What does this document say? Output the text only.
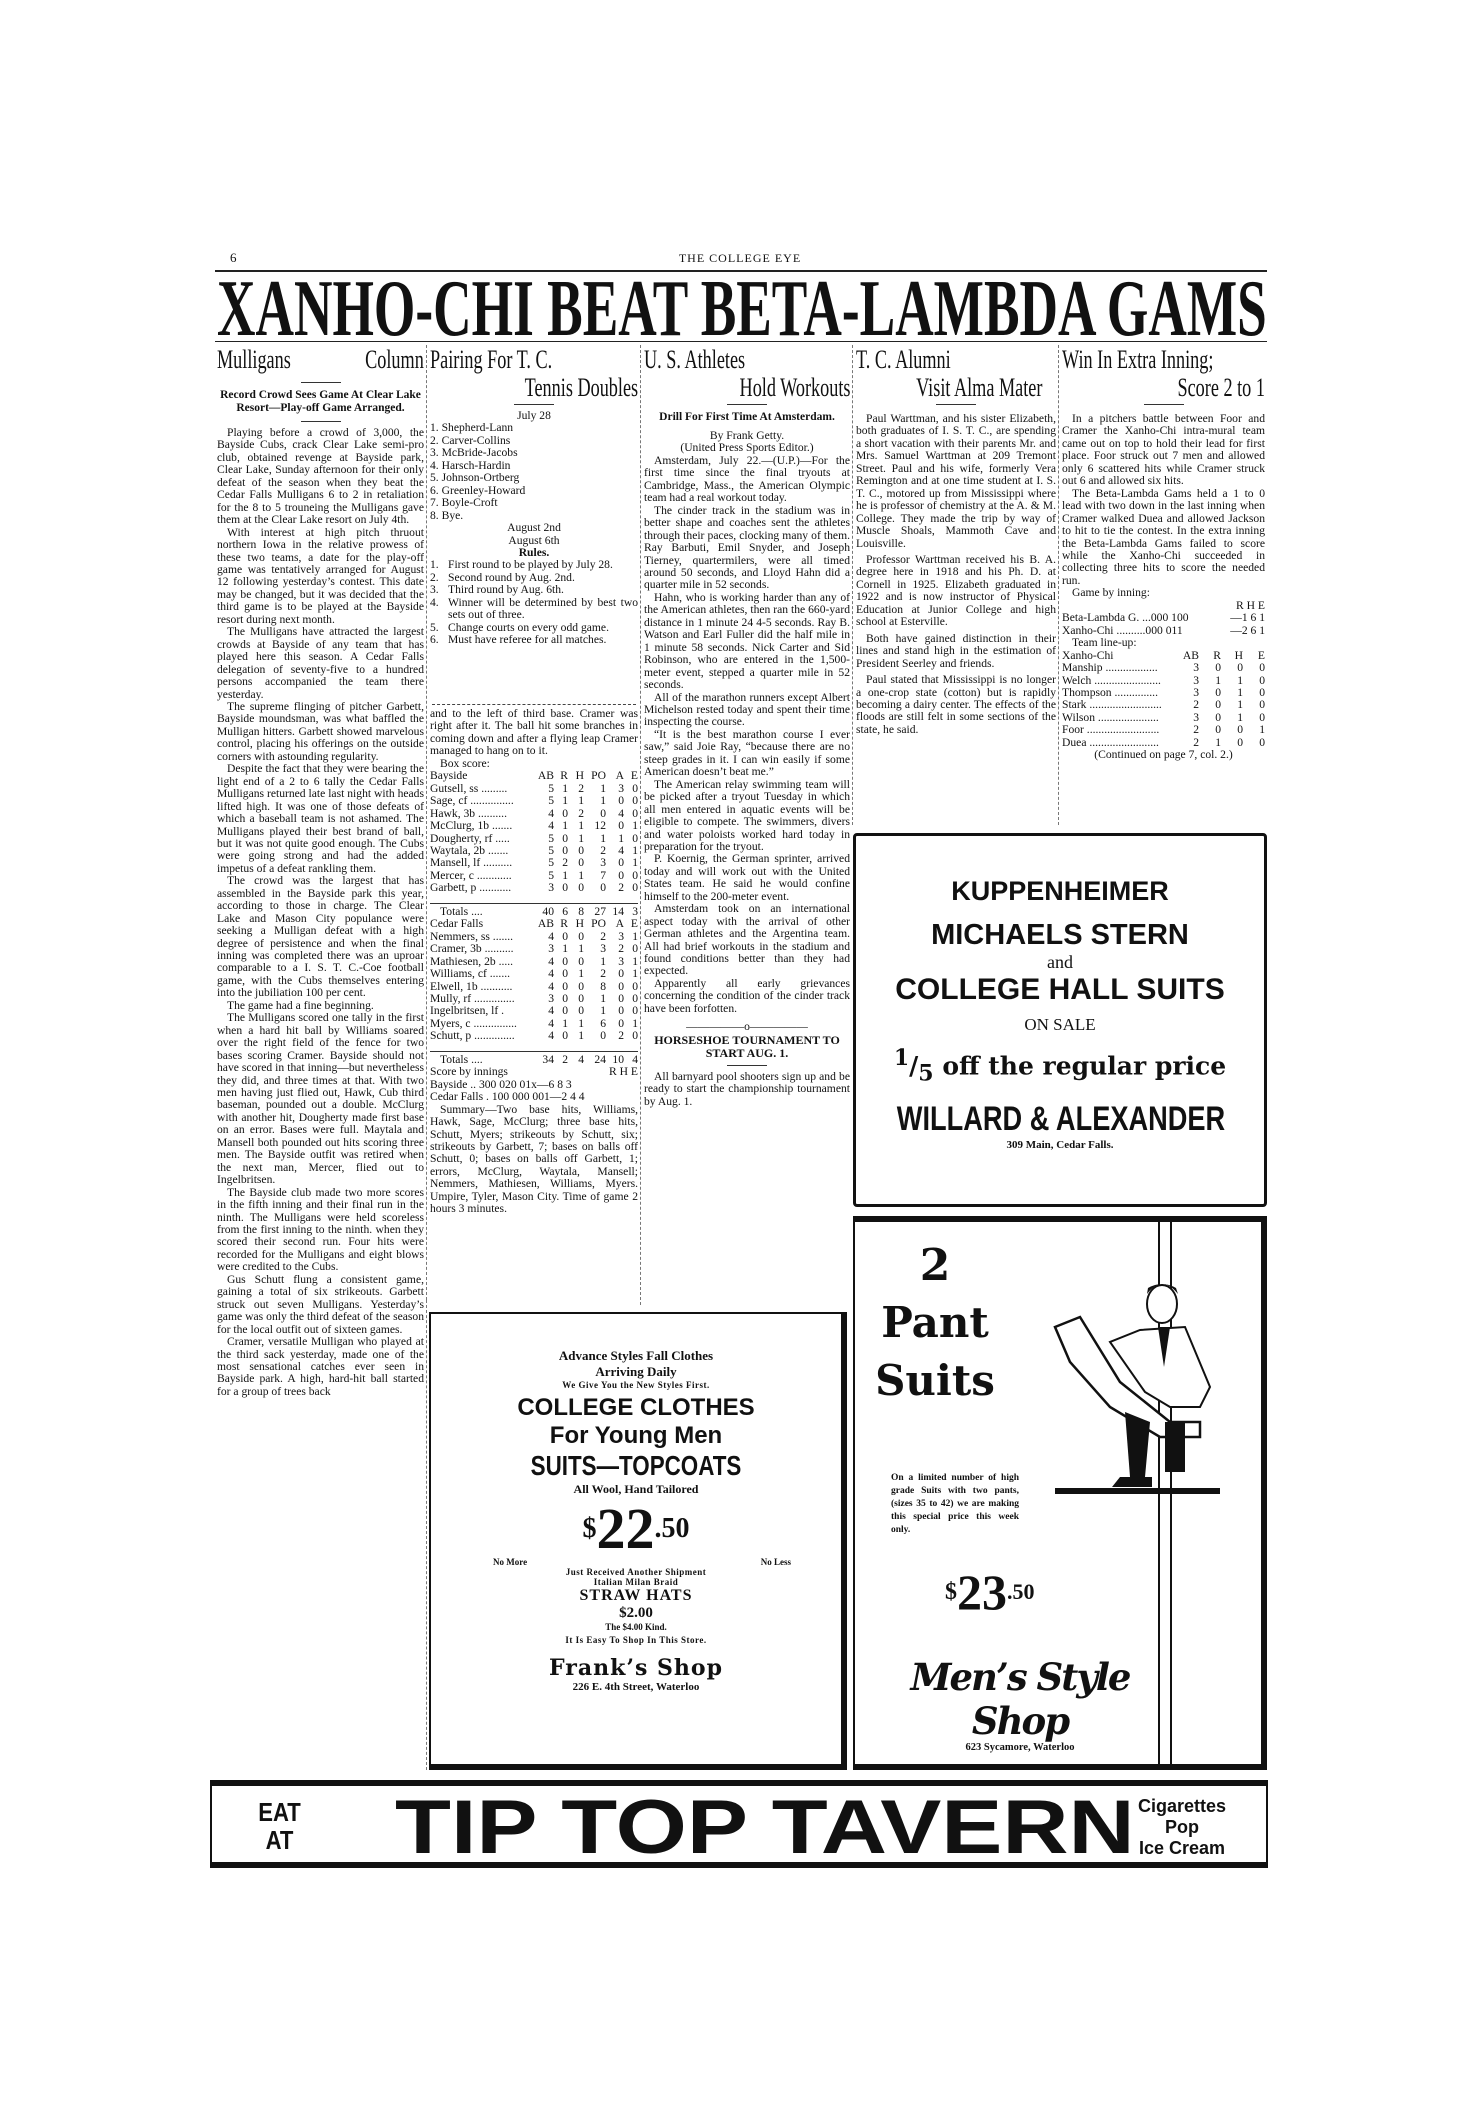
6	THE COLLEGE EYE
XANHO-CHI BEAT BETA-LAMBDA GAMS
Mulligans	Column
Record Crowd Sees Game At Clear Lake Resort—Play-off Game Arranged.

Playing before a crowd of 3,000, the Bayside Cubs, crack Clear Lake semi-pro club, obtained revenge at Bayside park, Clear Lake, Sunday afternoon for their only defeat of the season when they beat the Cedar Falls Mulligans 6 to 2 in retaliation for the 8 to 5 trouneing the Mulligans gave them at the Clear Lake resort on July 4th.

With interest at high pitch thruout northern Iowa in the relative prowess of these two teams, a date for the play-off game was tentatively arranged for August 12 following yesterday’s contest. This date may be changed, but it was decided that the third game is to be played at the Bayside resort during next month.

The Mulligans have attracted the largest crowds at Bayside of any team that has played here this season. A Cedar Falls delegation of seventy-five to a hundred persons accompanied the team there yesterday.

The supreme flinging of pitcher Garbett, Bayside moundsman, was what baffled the Mulligan hitters. Garbett showed marvelous control, placing his offerings on the outside corners with astounding regularity.

Despite the fact that they were bearing the light end of a 2 to 6 tally the Cedar Falls Mulligans returned late last night with heads lifted high. It was one of those defeats of which a baseball team is not ashamed. The Mulligans played their best brand of ball, but it was not quite good enough. The Cubs were going strong and had the added impetus of a defeat rankling them.

The crowd was the largest that has assembled in the Bayside park this year, according to those in charge. The Clear Lake and Mason City populance were seeking a Mulligan defeat with a high degree of persistence and when the final inning was completed there was an uproar comparable to a I. S. T. C.-Coe football game, with the Cubs themselves entering into the jubiliation 100 per cent.

The game had a fine beginning.

The Mulligans scored one tally in the first when a hard hit ball by Williams soared over the right field of the fence for two bases scoring Cramer. Bayside should not have scored in that inning—but nevertheless they did, and three times at that. With two men having just flied out, Hawk, Cub third baseman, pounded out a double. McClurg with another hit, Dougherty made first base on an error. Bases were full. Maytala and Mansell both pounded out hits scoring three men. The Bayside outfit was retired when the next man, Mercer, flied out to Ingelbritsen.

The Bayside club made two more scores in the fifth inning and their final run in the ninth. The Mulligans were held scoreless from the first inning to the ninth. when they scored their second run. Four hits were recorded for the Mulligans and eight blows were credited to the Cubs.

Gus Schutt flung a consistent game, gaining a total of six strikeouts. Garbett struck out seven Mulligans. Yesterday’s game was only the third defeat of the season for the local outfit out of sixteen games.

Cramer, versatile Mulligan who played at the third sack yesterday, made one of the most sensational catches ever seen in Bayside park. A high, hard-hit ball started for a group of trees back

Pairing For T. C.
Tennis Doubles
July 28
1. Shepherd-Lann
2. Carver-Collins
3. McBride-Jacobs
4. Harsch-Hardin
5. Johnson-Ortberg
6. Greenley-Howard
7. Boyle-Croft
8. Bye.
August 2nd
August 6th
Rules.
1. First round to be played by July 28.
2. Second round by Aug. 2nd.
3. Third round by Aug. 6th.
4. Winner will be determined by best two sets out of three.
5. Change courts on every odd game.
6. Must have referee for all matches.

and to the left of third base. Cramer was right after it. The ball hit some branches in coming down and after a flying leap Cramer managed to hang on to it.

Box score:

Bayside	AB R H PO A E
Gutsell, ss .........	5 1 2	1	3 0
Sage, cf ...............	5 1 1	1	0 0
Hawk, 3b ..........	4 0 2	0	4 0
McClurg, 1b .......	4 1 1 12	0 1
Dougherty, rf .....	5 0 1	1	1 0
Waytala, 2b .......	5 0 0	2	4 1
Mansell, lf ..........	5 2 0	3	0 1
Mercer, c ............	5 1 1	7	0 0
Garbett, p ...........	3 0 0	0	2 0
Totals ....	40 6 8 27 14 3
Cedar Falls	AB R H PO A E
Nemmers, ss .......	4 0 0	2	3 1
Cramer, 3b ..........	3 1 1	3	2 0
Mathiesen, 2b .....	4 0 0	1	3 1
Williams, cf .......	4 0 1	2	0 1
Elwell, 1b ...........	4 0 0	8	0 0
Mully, rf ..............	3 0 0	1	0 0
Ingelbritsen, lf .	4 0 0	1	0 0
Myers, c ...............	4 1 1	6	0 1
Schutt, p ..............	4 0 1	0	2 0
Totals ....	34 2 4 24 10 4
Score by innings	R H E
Bayside .. 300 020 01x—6 8 3
Cedar Falls . 100 000 001—2 4 4

Summary—Two base hits, Williams, Hawk, Sage, McClurg; three base hits, Schutt, Myers; strikeouts by Schutt, six; strikeouts by Garbett, 7; bases on balls off Schutt, 0; bases on balls off Garbett, 1; errors, McClurg, Waytala, Mansell; Nemmers, Mathiesen, Williams, Myers. Umpire, Tyler, Mason City. Time of game 2 hours 3 minutes.

U. S. Athletes
Hold Workouts
Drill For First Time At Amsterdam.
By Frank Getty.
(United Press Sports Editor.)

Amsterdam, July 22.—(U.P.)—For the first time since the final tryouts at Cambridge, Mass., the American Olympic team had a real workout today.

The cinder track in the stadium was in better shape and coaches sent the athletes through their paces, clocking many of them. Ray Barbuti, Emil Snyder, and Joseph Tierney, quartermilers, were all timed around 50 seconds, and Lloyd Hahn did a quarter mile in 52 seconds.

Hahn, who is working harder than any of the American athletes, then ran the 660-yard distance in 1 minute 24 4-5 seconds. Ray B. Watson and Earl Fuller did the half mile in 1 minute 58 seconds. Nick Carter and Sid Robinson, who are entered in the 1,500-meter event, stepped a quarter mile in 52 seconds.

All of the marathon runners except Albert Michelson rested today and spent their time inspecting the course.

“It is the best marathon course I ever saw,” said Joie Ray, “because there are no steep grades in it. I can win easily if some American doesn’t beat me.”

The American relay swimming team will be picked after a tryout Tuesday in which all men entered in aquatic events will be eligible to compete. The swimmers, divers and water poloists worked hard today in preparation for the tryout.

P. Koernig, the German sprinter, arrived today and will work out with the United States team. He said he would confine himself to the 200-meter event.

Amsterdam took on an international aspect today with the arrival of other German athletes and the Argentina team. All had brief workouts in the stadium and found conditions better than they had expected.

Apparently all early grievances concerning the condition of the cinder track have been forfotten.

—————o—————
HORSESHOE TOURNAMENT TO START AUG. 1.

All barnyard pool shooters sign up and be ready to start the championship tournament by Aug. 1.

T. C. Alumni
Visit Alma Mater

Paul Warttman, and his sister Elizabeth, both graduates of I. S. T. C., are spending a short vacation with their parents Mr. and Mrs. Samuel Warttman at 209 Tremont Street. Paul and his wife, formerly Vera Remington and at one time student at I. S. T. C., motored up from Mississippi where he is professor of chemistry at the A. & M. College. They made the trip by way of Muscle Shoals, Mammoth Cave and Louisville.

Professor Warttman received his B. A. degree here in 1918 and his Ph. D. at Cornell in 1925. Elizabeth graduated in 1922 and is now instructor of Physical Education at Junior College and high school at Esterville.

Both have gained distinction in their lines and stand high in the estimation of President Seerley and friends.

Paul stated that Mississippi is no longer a one-crop state (cotton) but is rapidly becoming a dairy center. The effects of the floods are still felt in some sections of the state, he said.

Win In Extra Inning;
Score 2 to 1

In a pitchers battle between Foor and Cramer the Xanho-Chi intra-mural team came out on top to hold their lead for first place. Foor struck out 7 men and allowed only 6 scattered hits while Cramer struck out 6 and allowed six hits.

The Beta-Lambda Gams held a 1 to 0 lead with two down in the last inning when Cramer walked Duea and allowed Jackson to hit to tie the contest. In the extra inning the Beta-Lambda Gams failed to score while the Xanho-Chi succeeded in collecting three hits to score the needed run.

Game by inning:

R H E
Beta-Lambda G. ...000 100	—1 6 1
Xanho-Chi ..........000 011	—2 6 1

Team line-up:

Xanho-Chi	AB	R	H	E
Manship ..................	3	0	0	0
Welch .......................	3	1	1	0
Thompson ...............	3	0	1	0
Stark .........................	2	0	1	0
Wilson .....................	3	0	1	0
Foor .........................	2	0	0	1
Duea ........................	2	1	0	0
(Continued on page 7, col. 2.)
KUPPENHEIMER
MICHAELS STERN
and
COLLEGE HALL SUITS
ON SALE
$^1/_5$ off the regular price
WILLARD & ALEXANDER
309 Main, Cedar Falls.
Advance Styles Fall Clothes
Arriving Daily
We Give You the New Styles First.
COLLEGE CLOTHES
For Young Men
SUITS—TOPCOATS
All Wool, Hand Tailored
$^{\$}22^{.50}$
No More	No Less
Just Received Another Shipment
Italian Milan Braid
STRAW HATS
$2.00
The $4.00 Kind.
It Is Easy To Shop In This Store.
Frank’s Shop
226 E. 4th Street, Waterloo
2
Pant
Suits
On a limited number of high grade Suits with two pants, (sizes 35 to 42) we are making this special price this week only.
$^{\$}23^{.50}$
Men’s Style Shop
623 Sycamore, Waterloo
EAT
AT	TIP TOP TAVERN Cigarettes
Pop
Ice Cream
